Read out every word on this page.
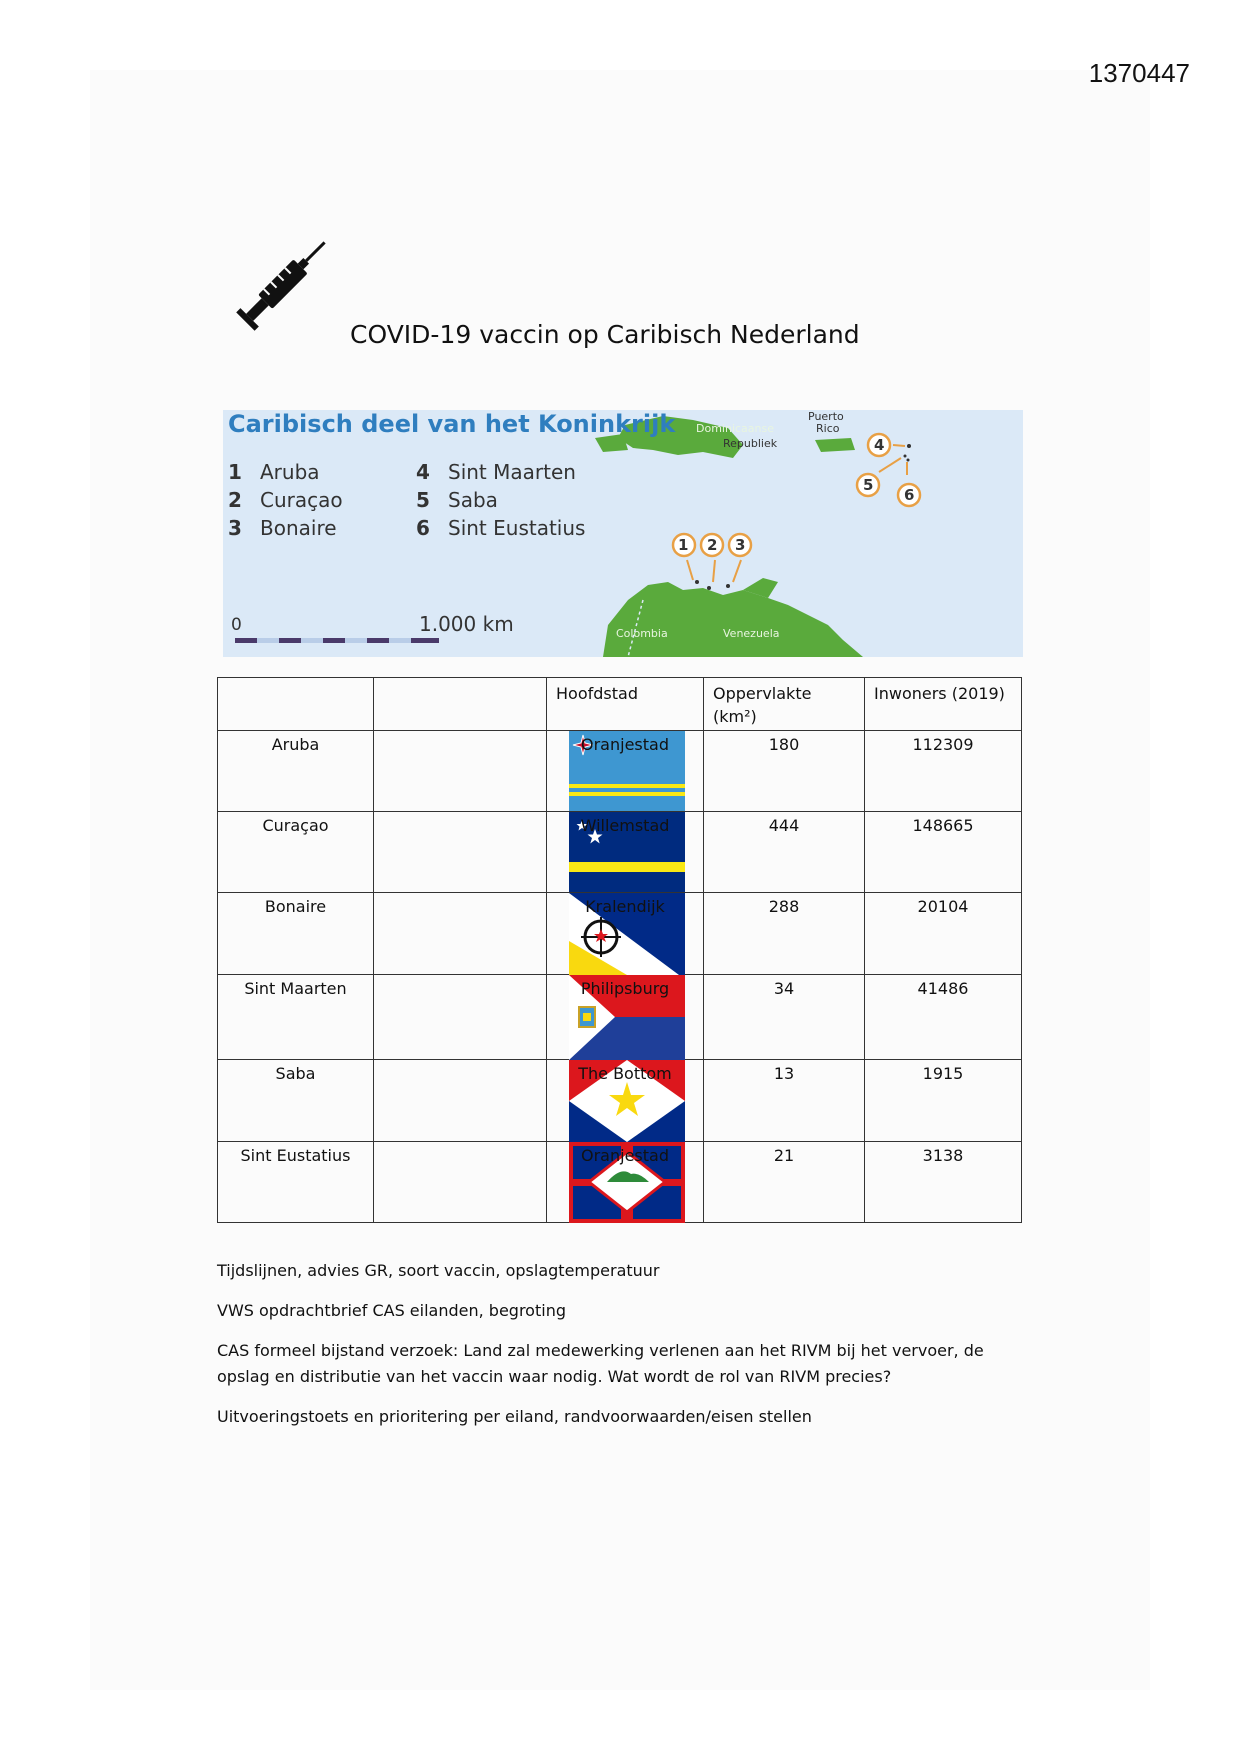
1370447
COVID-19 vaccin op Caribisch Nederland
1 2 3
4
5
6
Caribisch deel van het Koninkrijk
1 Aruba
2 Curaçao
3 Bonaire
4 Sint Maarten
5 Saba
6 Sint Eustatius
0	1.000 km
Dominicaanse
Republiek
Puerto
Rico
Colombia	Venezuela
		Hoofdstad	Oppervlakte (km²)	Inwoners (2019)
Aruba		Oranjestad	180	112309
Curaçao		Willemstad	444	148665
Bonaire		Kralendijk	288	20104
Sint Maarten		Philipsburg	34	41486
Saba		The Bottom	13	1915
Sint Eustatius		Oranjestad	21	3138

Tijdslijnen, advies GR, soort vaccin, opslagtemperatuur

VWS opdrachtbrief CAS eilanden, begroting

CAS formeel bijstand verzoek: Land zal medewerking verlenen aan het RIVM bij het vervoer, de opslag en distributie van het vaccin waar nodig. Wat wordt de rol van RIVM precies?

Uitvoeringstoets en prioritering per eiland, randvoorwaarden/eisen stellen
